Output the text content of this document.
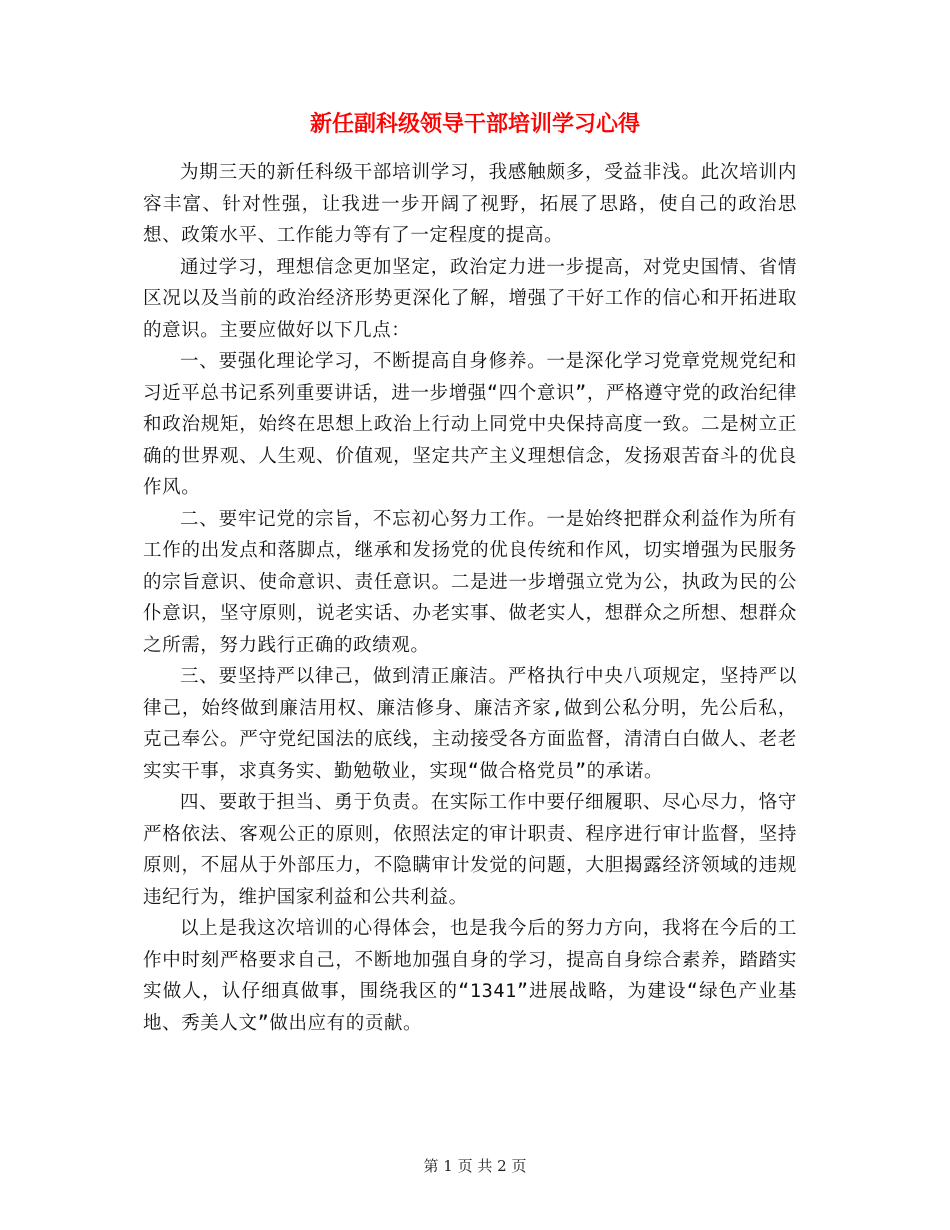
新任副科级领导干部培训学习心得

为期三天的新任科级干部培训学习，我感触颇多，受益非浅。此次培训内容丰富、针对性强，让我进一步开阔了视野，拓展了思路，使自己的政治思想、政策水平、工作能力等有了一定程度的提高。

通过学习，理想信念更加坚定，政治定力进一步提高，对党史国情、省情区况以及当前的政治经济形势更深化了解，增强了干好工作的信心和开拓进取的意识。主要应做好以下几点：

一、要强化理论学习，不断提高自身修养。一是深化学习党章党规党纪和习近平总书记系列重要讲话，进一步增强“四个意识”，严格遵守党的政治纪律和政治规矩，始终在思想上政治上行动上同党中央保持高度一致。二是树立正确的世界观、人生观、价值观，坚定共产主义理想信念，发扬艰苦奋斗的优良作风。

二、要牢记党的宗旨，不忘初心努力工作。一是始终把群众利益作为所有工作的出发点和落脚点，继承和发扬党的优良传统和作风，切实增强为民服务的宗旨意识、使命意识、责任意识。二是进一步增强立党为公，执政为民的公仆意识，坚守原则，说老实话、办老实事、做老实人，想群众之所想、想群众之所需，努力践行正确的政绩观。

三、要坚持严以律己，做到清正廉洁。严格执行中央八项规定，坚持严以律己，始终做到廉洁用权、廉洁修身、廉洁齐家,做到公私分明，先公后私，克己奉公。严守党纪国法的底线，主动接受各方面监督，清清白白做人、老老实实干事，求真务实、勤勉敬业，实现“做合格党员”的承诺。

四、要敢于担当、勇于负责。在实际工作中要仔细履职、尽心尽力，恪守严格依法、客观公正的原则，依照法定的审计职责、程序进行审计监督，坚持原则，不屈从于外部压力，不隐瞒审计发觉的问题，大胆揭露经济领域的违规违纪行为，维护国家利益和公共利益。

以上是我这次培训的心得体会，也是我今后的努力方向，我将在今后的工作中时刻严格要求自己，不断地加强自身的学习，提高自身综合素养，踏踏实实做人，认仔细真做事，围绕我区的“1341”进展战略，为建设“绿色产业基地、秀美人文”做出应有的贡献。

第 1 页 共 2 页
